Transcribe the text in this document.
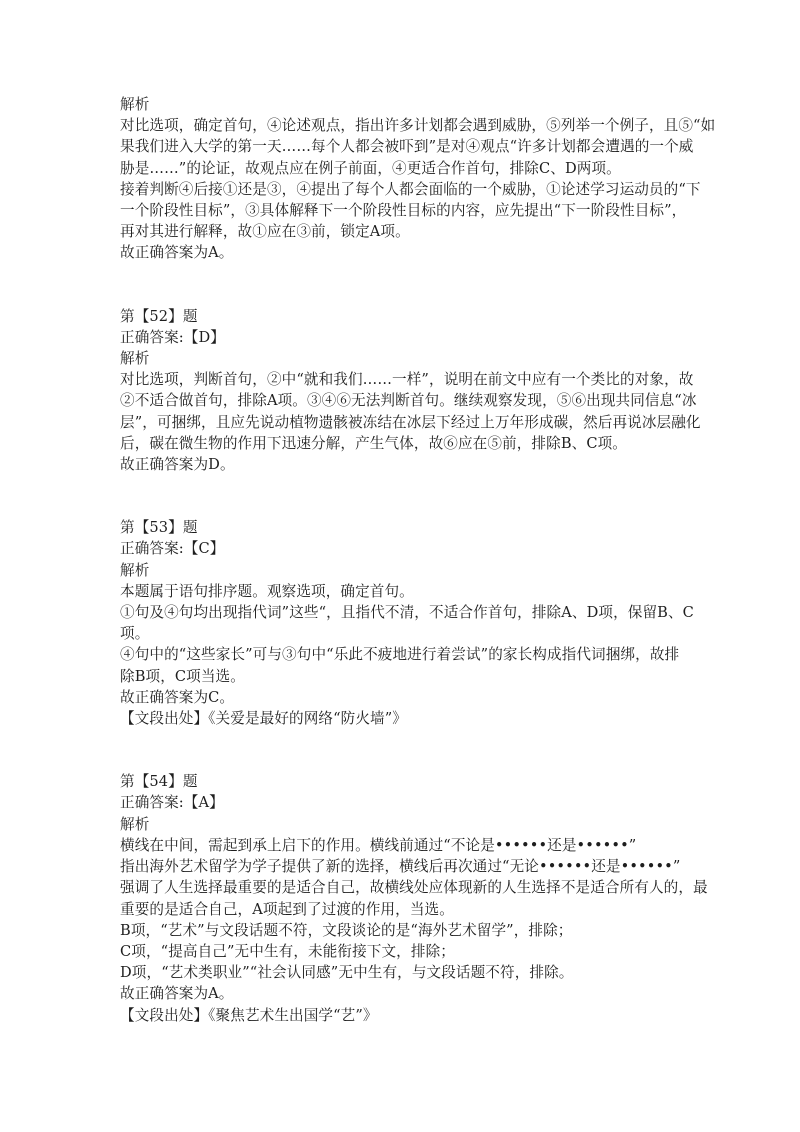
解析
对比选项，确定首句，④论述观点，指出许多计划都会遇到威胁，⑤列举一个例子，且⑤“如
果我们进入大学的第一天……每个人都会被吓到”是对④观点“许多计划都会遭遇的一个威
胁是……”的论证，故观点应在例子前面，④更适合作首句，排除C、D两项。
接着判断④后接①还是③，④提出了每个人都会面临的一个威胁，①论述学习运动员的“下
一个阶段性目标”，③具体解释下一个阶段性目标的内容，应先提出“下一阶段性目标”，
再对其进行解释，故①应在③前，锁定A项。
故正确答案为A。
第【52】题
正确答案:【D】
解析
对比选项，判断首句，②中“就和我们……一样”，说明在前文中应有一个类比的对象，故
②不适合做首句，排除A项。③④⑥无法判断首句。继续观察发现，⑤⑥出现共同信息“冰
层”，可捆绑，且应先说动植物遗骸被冻结在冰层下经过上万年形成碳，然后再说冰层融化
后，碳在微生物的作用下迅速分解，产生气体，故⑥应在⑤前，排除B、C项。
故正确答案为D。
第【53】题
正确答案:【C】
解析
本题属于语句排序题。观察选项，确定首句。
①句及④句均出现指代词”这些“，且指代不清，不适合作首句，排除A、D项，保留B、C
项。
④句中的“这些家长”可与③句中“乐此不疲地进行着尝试”的家长构成指代词捆绑，故排
除B项，C项当选。
故正确答案为C。
【文段出处】《关爱是最好的网络“防火墙”》
第【54】题
正确答案:【A】
解析
横线在中间，需起到承上启下的作用。横线前通过“不论是••••••还是••••••”
指出海外艺术留学为学子提供了新的选择，横线后再次通过“无论••••••还是••••••”
强调了人生选择最重要的是适合自己，故横线处应体现新的人生选择不是适合所有人的，最
重要的是适合自己，A项起到了过渡的作用，当选。
B项，“艺术”与文段话题不符，文段谈论的是“海外艺术留学”，排除；
C项，“提高自己”无中生有，未能衔接下文，排除；
D项，“艺术类职业”“社会认同感”无中生有，与文段话题不符，排除。
故正确答案为A。
【文段出处】《聚焦艺术生出国学“艺”》
